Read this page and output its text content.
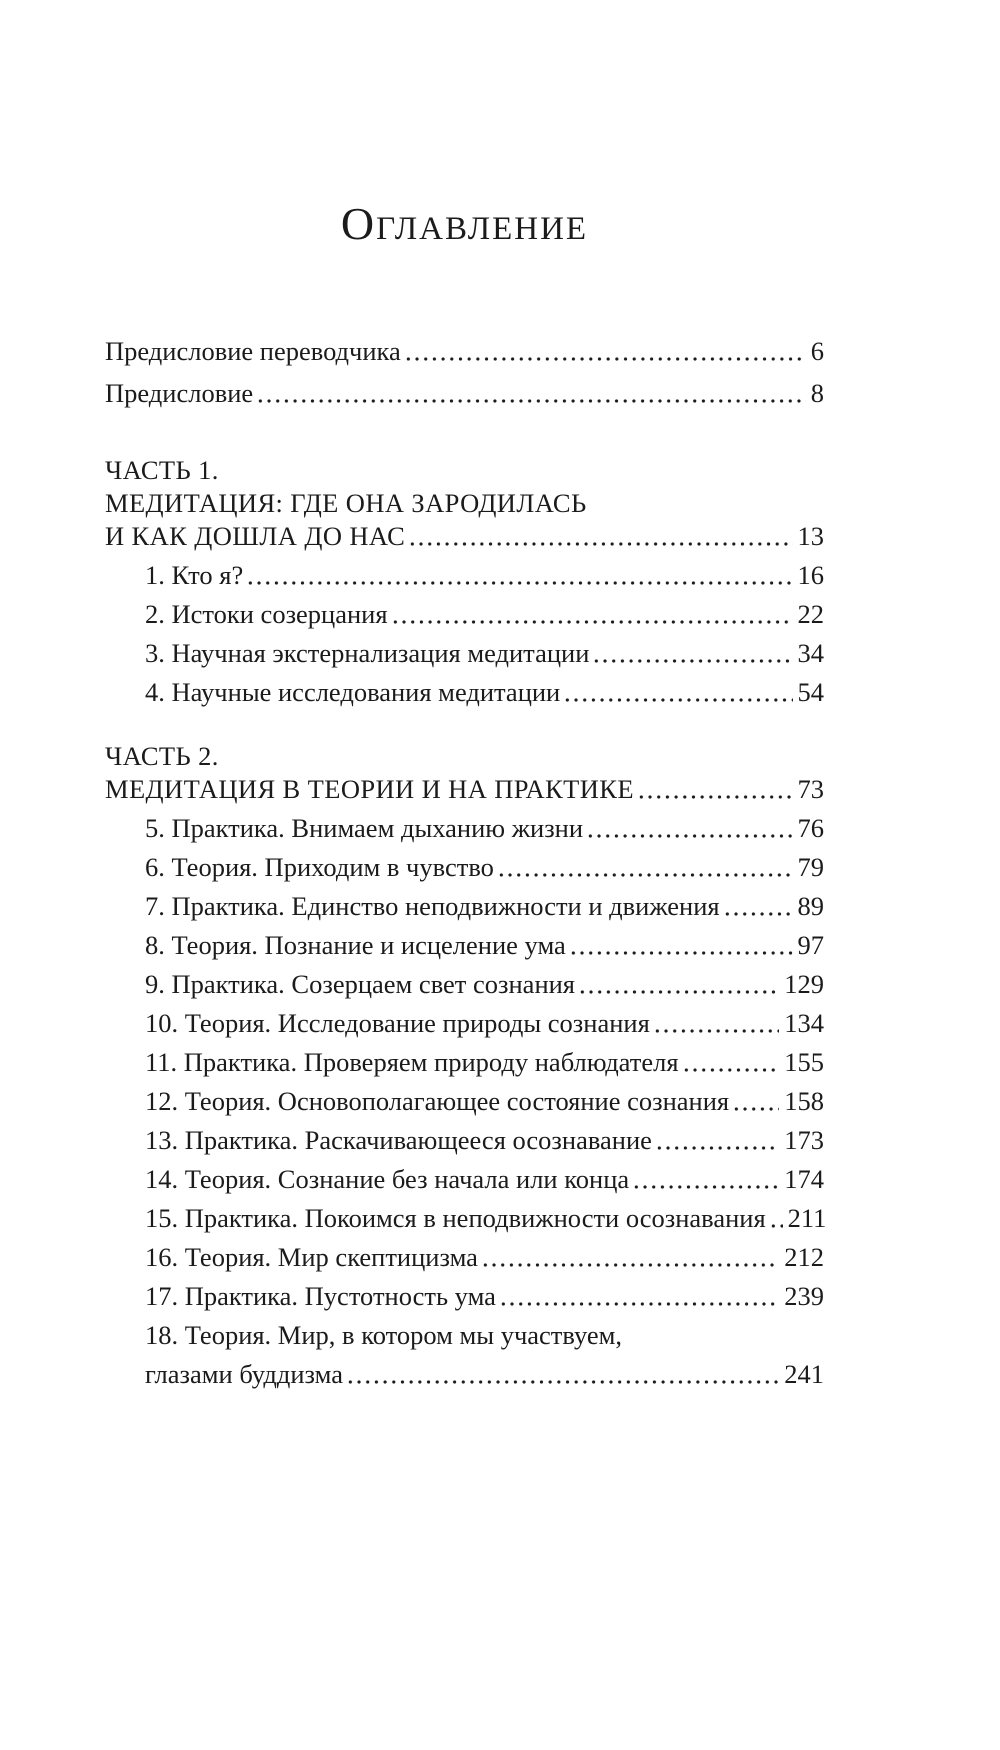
ОГЛАВЛЕНИЕ
Предисловие переводчика	6
Предисловие	8
ЧАСТЬ 1.
МЕДИТАЦИЯ: ГДЕ ОНА ЗАРОДИЛАСЬ
И КАК ДОШЛА ДО НАС	13
1. Кто я?	16
2. Истоки созерцания	22
3. Научная экстернализация медитации	34
4. Научные исследования медитации	54
ЧАСТЬ 2.
МЕДИТАЦИЯ В ТЕОРИИ И НА ПРАКТИКЕ	73
5. Практика. Внимаем дыханию жизни	76
6. Теория. Приходим в чувство	79
7. Практика. Единство неподвижности и движения	89
8. Теория. Познание и исцеление ума	97
9. Практика. Созерцаем свет сознания	129
10. Теория. Исследование природы сознания	134
11. Практика. Проверяем природу наблюдателя	155
12. Теория. Основополагающее состояние сознания 158
13. Практика. Раскачивающееся осознавание	173
14. Теория. Сознание без начала или конца	174
15. Практика. Покоимся в неподвижности осознавания 211
16. Теория. Мир скептицизма	212
17. Практика. Пустотность ума	239
18. Теория. Мир, в котором мы участвуем,
глазами буддизма	241
